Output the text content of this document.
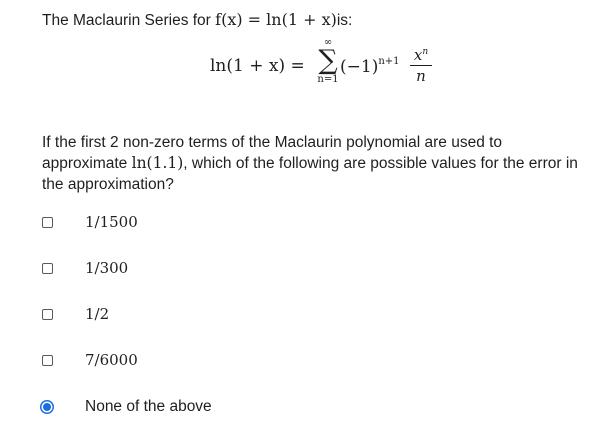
The Maclaurin Series for f(x) = ln(1 + x)is:
ln(1 + x) =
∞
∑
n=1
$(-1)^{n+1}$ $x^n$
n
If the first 2 non-zero terms of the Maclaurin polynomial are used to approximate ln(1.1), which of the following are possible values for the error in the approximation?
1/1500
1/300
1/2
7/6000
None of the above
